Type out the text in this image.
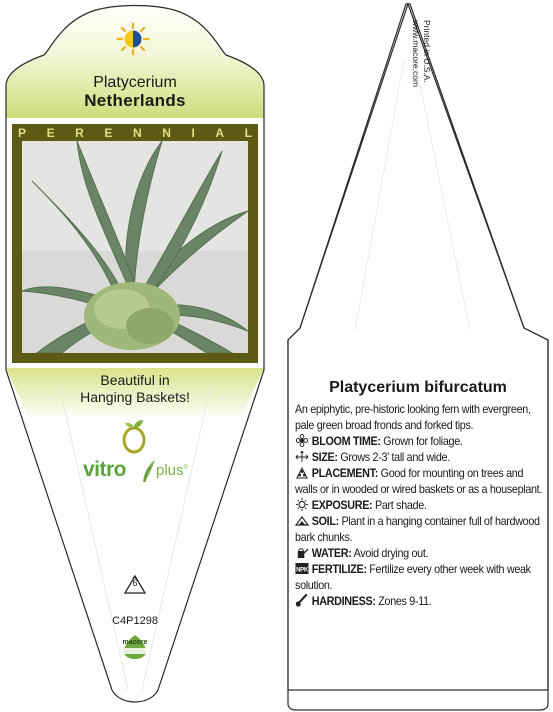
Platycerium
Netherlands
P E R E N N I A L
Beautiful in
Hanging Baskets!
vitro plus®
6
C4P1298
macore
Printed in U.S.A.
www.macore.com
Platycerium bifurcatum

An epiphytic, pre-historic looking fern with evergreen, pale green broad fronds and forked tips.

BLOOM TIME: Grown for foliage.
SIZE: Grows 2-3’ tall and wide.
PLACEMENT: Good for mounting on trees and walls or in wooded or wired baskets or as a houseplant.
EXPOSURE: Part shade.
SOIL: Plant in a hanging container full of hardwood bark chunks.
WATER: Avoid drying out.
NPK FERTILIZE: Fertilize every other week with weak solution.
HARDINESS: Zones 9-11.
